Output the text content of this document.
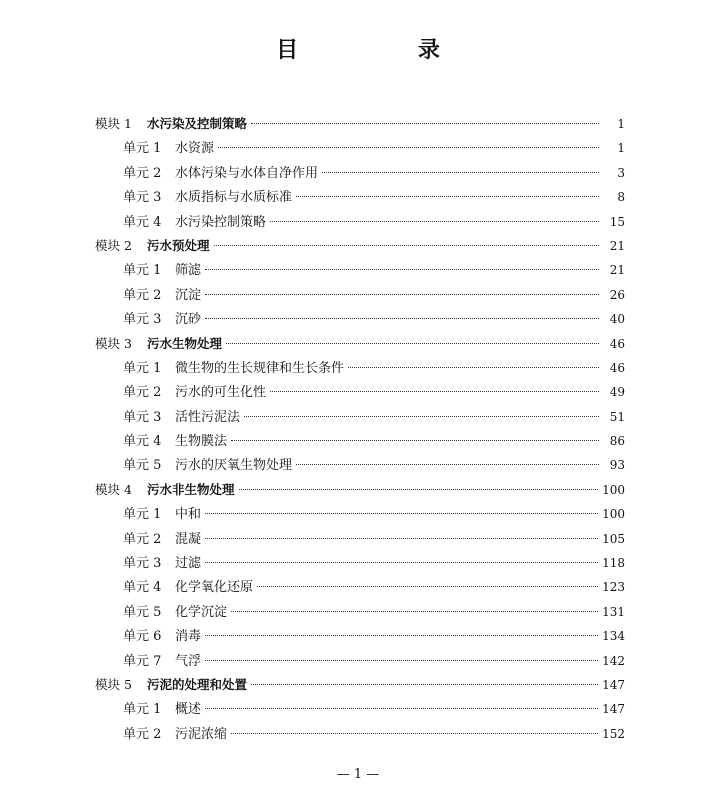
目 录
模块 1	水污染及控制策略	1
单元 1	水资源	1
单元 2	水体污染与水体自净作用	3
单元 3	水质指标与水质标准	8
单元 4	水污染控制策略	15
模块 2	污水预处理	21
单元 1	筛滤	21
单元 2	沉淀	26
单元 3	沉砂	40
模块 3	污水生物处理	46
单元 1	微生物的生长规律和生长条件	46
单元 2	污水的可生化性	49
单元 3	活性污泥法	51
单元 4	生物膜法	86
单元 5	污水的厌氧生物处理	93
模块 4	污水非生物处理	100
单元 1	中和	100
单元 2	混凝	105
单元 3	过滤	118
单元 4	化学氧化还原	123
单元 5	化学沉淀	131
单元 6	消毒	134
单元 7	气浮	142
模块 5	污泥的处理和处置	147
单元 1	概述	147
单元 2	污泥浓缩	152
— 1 —
